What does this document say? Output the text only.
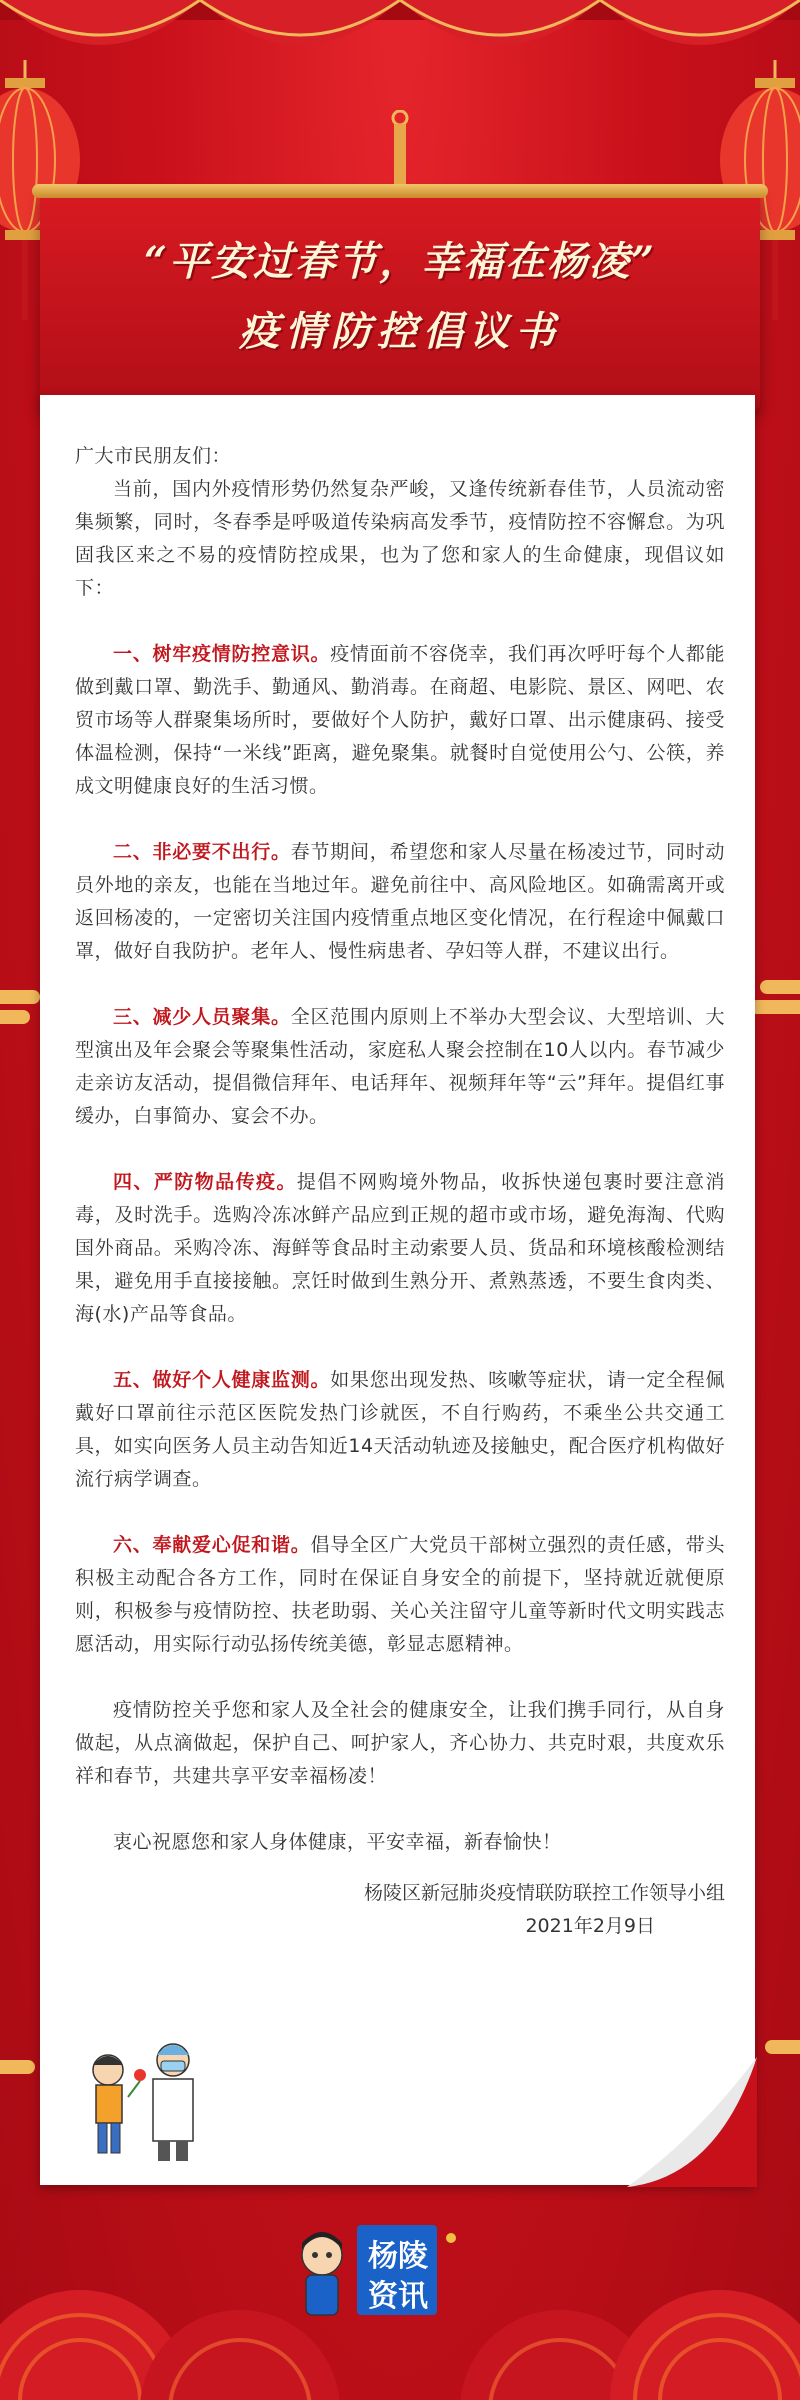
“平安过春节，幸福在杨凌”
疫情防控倡议书

广大市民朋友们：

当前，国内外疫情形势仍然复杂严峻，又逢传统新春佳节，人员流动密集频繁，同时，冬春季是呼吸道传染病高发季节，疫情防控不容懈怠。为巩固我区来之不易的疫情防控成果，也为了您和家人的生命健康，现倡议如下：

一、树牢疫情防控意识。疫情面前不容侥幸，我们再次呼吁每个人都能做到戴口罩、勤洗手、勤通风、勤消毒。在商超、电影院、景区、网吧、农贸市场等人群聚集场所时，要做好个人防护，戴好口罩、出示健康码、接受体温检测，保持“一米线”距离，避免聚集。就餐时自觉使用公勺、公筷，养成文明健康良好的生活习惯。

二、非必要不出行。春节期间，希望您和家人尽量在杨凌过节，同时动员外地的亲友，也能在当地过年。避免前往中、高风险地区。如确需离开或返回杨凌的，一定密切关注国内疫情重点地区变化情况，在行程途中佩戴口罩，做好自我防护。老年人、慢性病患者、孕妇等人群，不建议出行。

三、减少人员聚集。全区范围内原则上不举办大型会议、大型培训、大型演出及年会聚会等聚集性活动，家庭私人聚会控制在10人以内。春节减少走亲访友活动，提倡微信拜年、电话拜年、视频拜年等“云”拜年。提倡红事缓办，白事简办、宴会不办。

四、严防物品传疫。提倡不网购境外物品，收拆快递包裹时要注意消毒，及时洗手。选购冷冻冰鲜产品应到正规的超市或市场，避免海淘、代购国外商品。采购冷冻、海鲜等食品时主动索要人员、货品和环境核酸检测结果，避免用手直接接触。烹饪时做到生熟分开、煮熟蒸透，不要生食肉类、海(水)产品等食品。

五、做好个人健康监测。如果您出现发热、咳嗽等症状，请一定全程佩戴好口罩前往示范区医院发热门诊就医，不自行购药，不乘坐公共交通工具，如实向医务人员主动告知近14天活动轨迹及接触史，配合医疗机构做好流行病学调查。

六、奉献爱心促和谐。倡导全区广大党员干部树立强烈的责任感，带头积极主动配合各方工作，同时在保证自身安全的前提下，坚持就近就便原则，积极参与疫情防控、扶老助弱、关心关注留守儿童等新时代文明实践志愿活动，用实际行动弘扬传统美德，彰显志愿精神。

疫情防控关乎您和家人及全社会的健康安全，让我们携手同行，从自身做起，从点滴做起，保护自己、呵护家人，齐心协力、共克时艰，共度欢乐祥和春节，共建共享平安幸福杨凌！

衷心祝愿您和家人身体健康，平安幸福，新春愉快！

杨陵区新冠肺炎疫情联防联控工作领导小组
2021年2月9日
杨陵
资讯
